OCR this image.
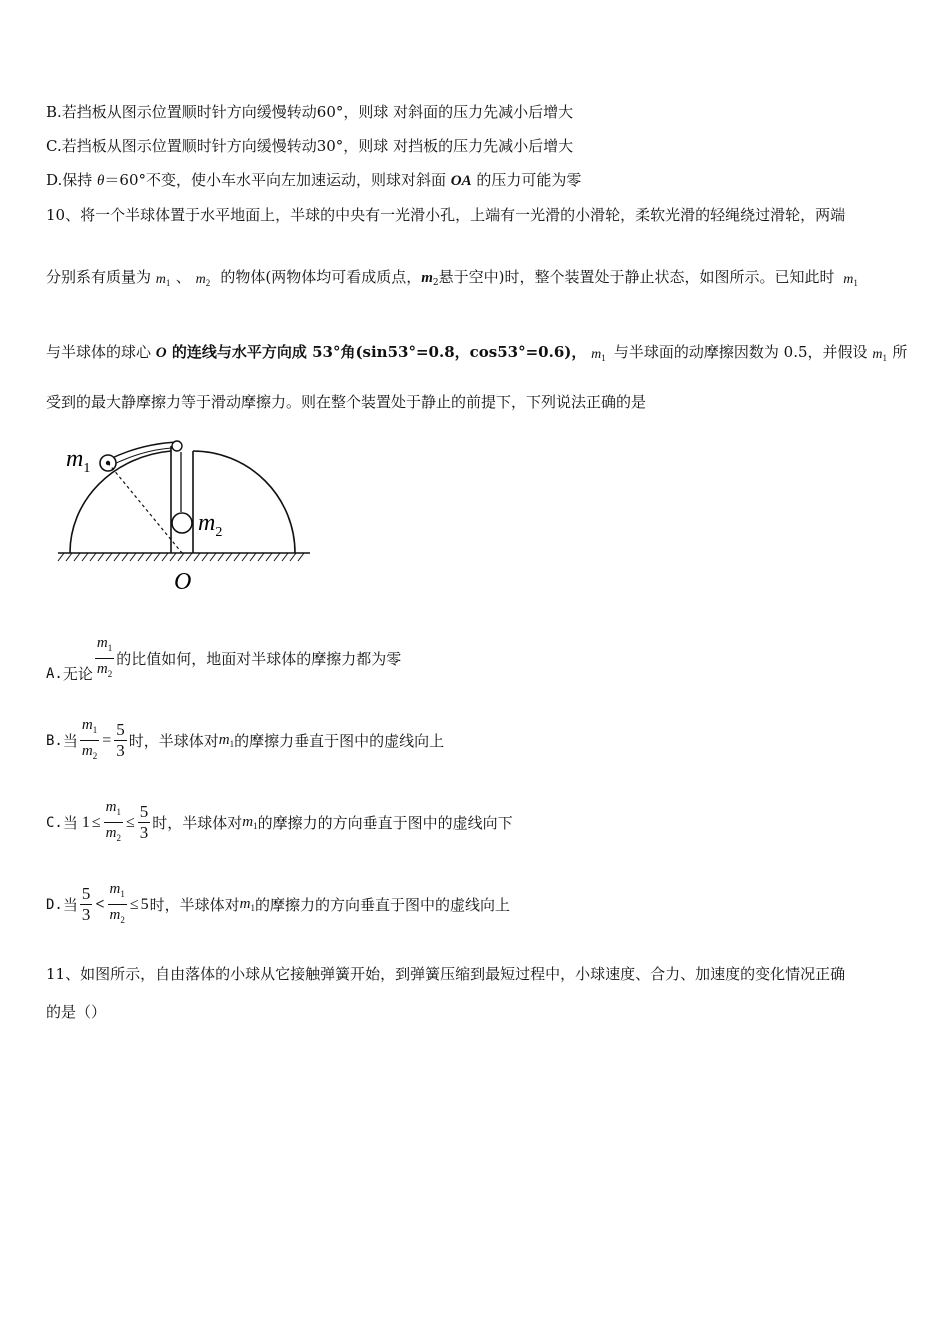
B.若挡板从图示位置顺时针方向缓慢转动60°，则球 对斜面的压力先减小后增大
C.若挡板从图示位置顺时针方向缓慢转动30°，则球 对挡板的压力先减小后增大
D.保持 θ＝60°不变，使小车水平向左加速运动，则球对斜面 OA 的压力可能为零
10、将一个半球体置于水平地面上，半球的中央有一光滑小孔，上端有一光滑的小滑轮，柔软光滑的轻绳绕过滑轮，两端
分别系有质量为 $m_1$ 、 $m_2$ 的物体(两物体均可看成质点，$m_2$悬于空中)时，整个装置处于静止状态，如图所示。已知此时 $m_1$
与半球体的球心 O 的连线与水平方向成 53°角(sin53°=0.8，cos53°=0.6)， $m_1$ 与半球面的动摩擦因数为 0.5，并假设 $m_1$ 所
受到的最大静摩擦力等于滑动摩擦力。则在整个装置处于静止的前提下，下列说法正确的是
$m_1$
$m_2$
O
A. 无论 $\frac{m_1}{m_2}$ 的比值如何，地面对半球体的摩擦力都为零
B. 当 $\frac{m_1}{m_2} = \frac{5}{3}$ 时，半球体对 $m_1$ 的摩擦力垂直于图中的虚线向上
C. 当 $1 \le \frac{m_1}{m_2} \le \frac{5}{3}$ 时，半球体对 $m_1$ 的摩擦力的方向垂直于图中的虚线向下
D. 当 $\frac{5}{3} < \frac{m_1}{m_2} \le 5$ 时，半球体对 $m_1$ 的摩擦力的方向垂直于图中的虚线向上
11、如图所示，自由落体的小球从它接触弹簧开始，到弹簧压缩到最短过程中，小球速度、合力、加速度的变化情况正确
的是（）
